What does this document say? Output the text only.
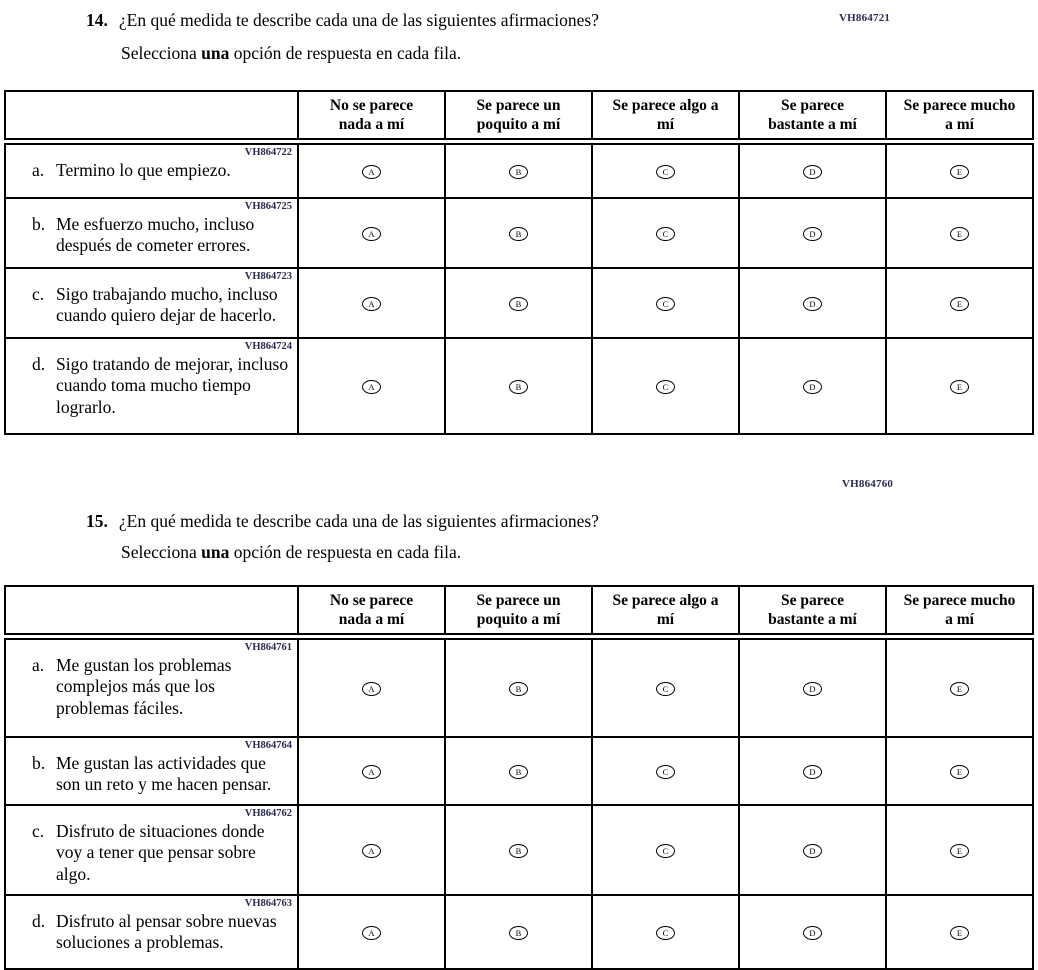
VH864721
VH864760
14. ¿En qué medida te describe cada una de las siguientes afirmaciones?
Selecciona una opción de respuesta en cada fila.

	No se parece
nada a mí	Se parece un
poquito a mí	Se parece algo a
mí	Se parece
bastante a mí	Se parece mucho
a mí

VH864722
a. Termino lo que empiezo.	A	B	C	D	E

VH864725
b. Me esfuerzo mucho, incluso después de cometer errores.	A	B	C	D	E

VH864723
c. Sigo trabajando mucho, incluso cuando quiero dejar de hacerlo.	A	B	C	D	E

VH864724
d. Sigo tratando de mejorar, incluso cuando toma mucho tiempo lograrlo.	A	B	C	D	E
15. ¿En qué medida te describe cada una de las siguientes afirmaciones?
Selecciona una opción de respuesta en cada fila.

	No se parece
nada a mí	Se parece un
poquito a mí	Se parece algo a
mí	Se parece
bastante a mí	Se parece mucho
a mí

VH864761
a. Me gustan los problemas complejos más que los problemas fáciles.	A	B	C	D	E

VH864764
b. Me gustan las actividades que son un reto y me hacen pensar.	A	B	C	D	E

VH864762
c. Disfruto de situaciones donde voy a tener que pensar sobre algo.	A	B	C	D	E

VH864763
d. Disfruto al pensar sobre nuevas soluciones a problemas.	A	B	C	D	E
